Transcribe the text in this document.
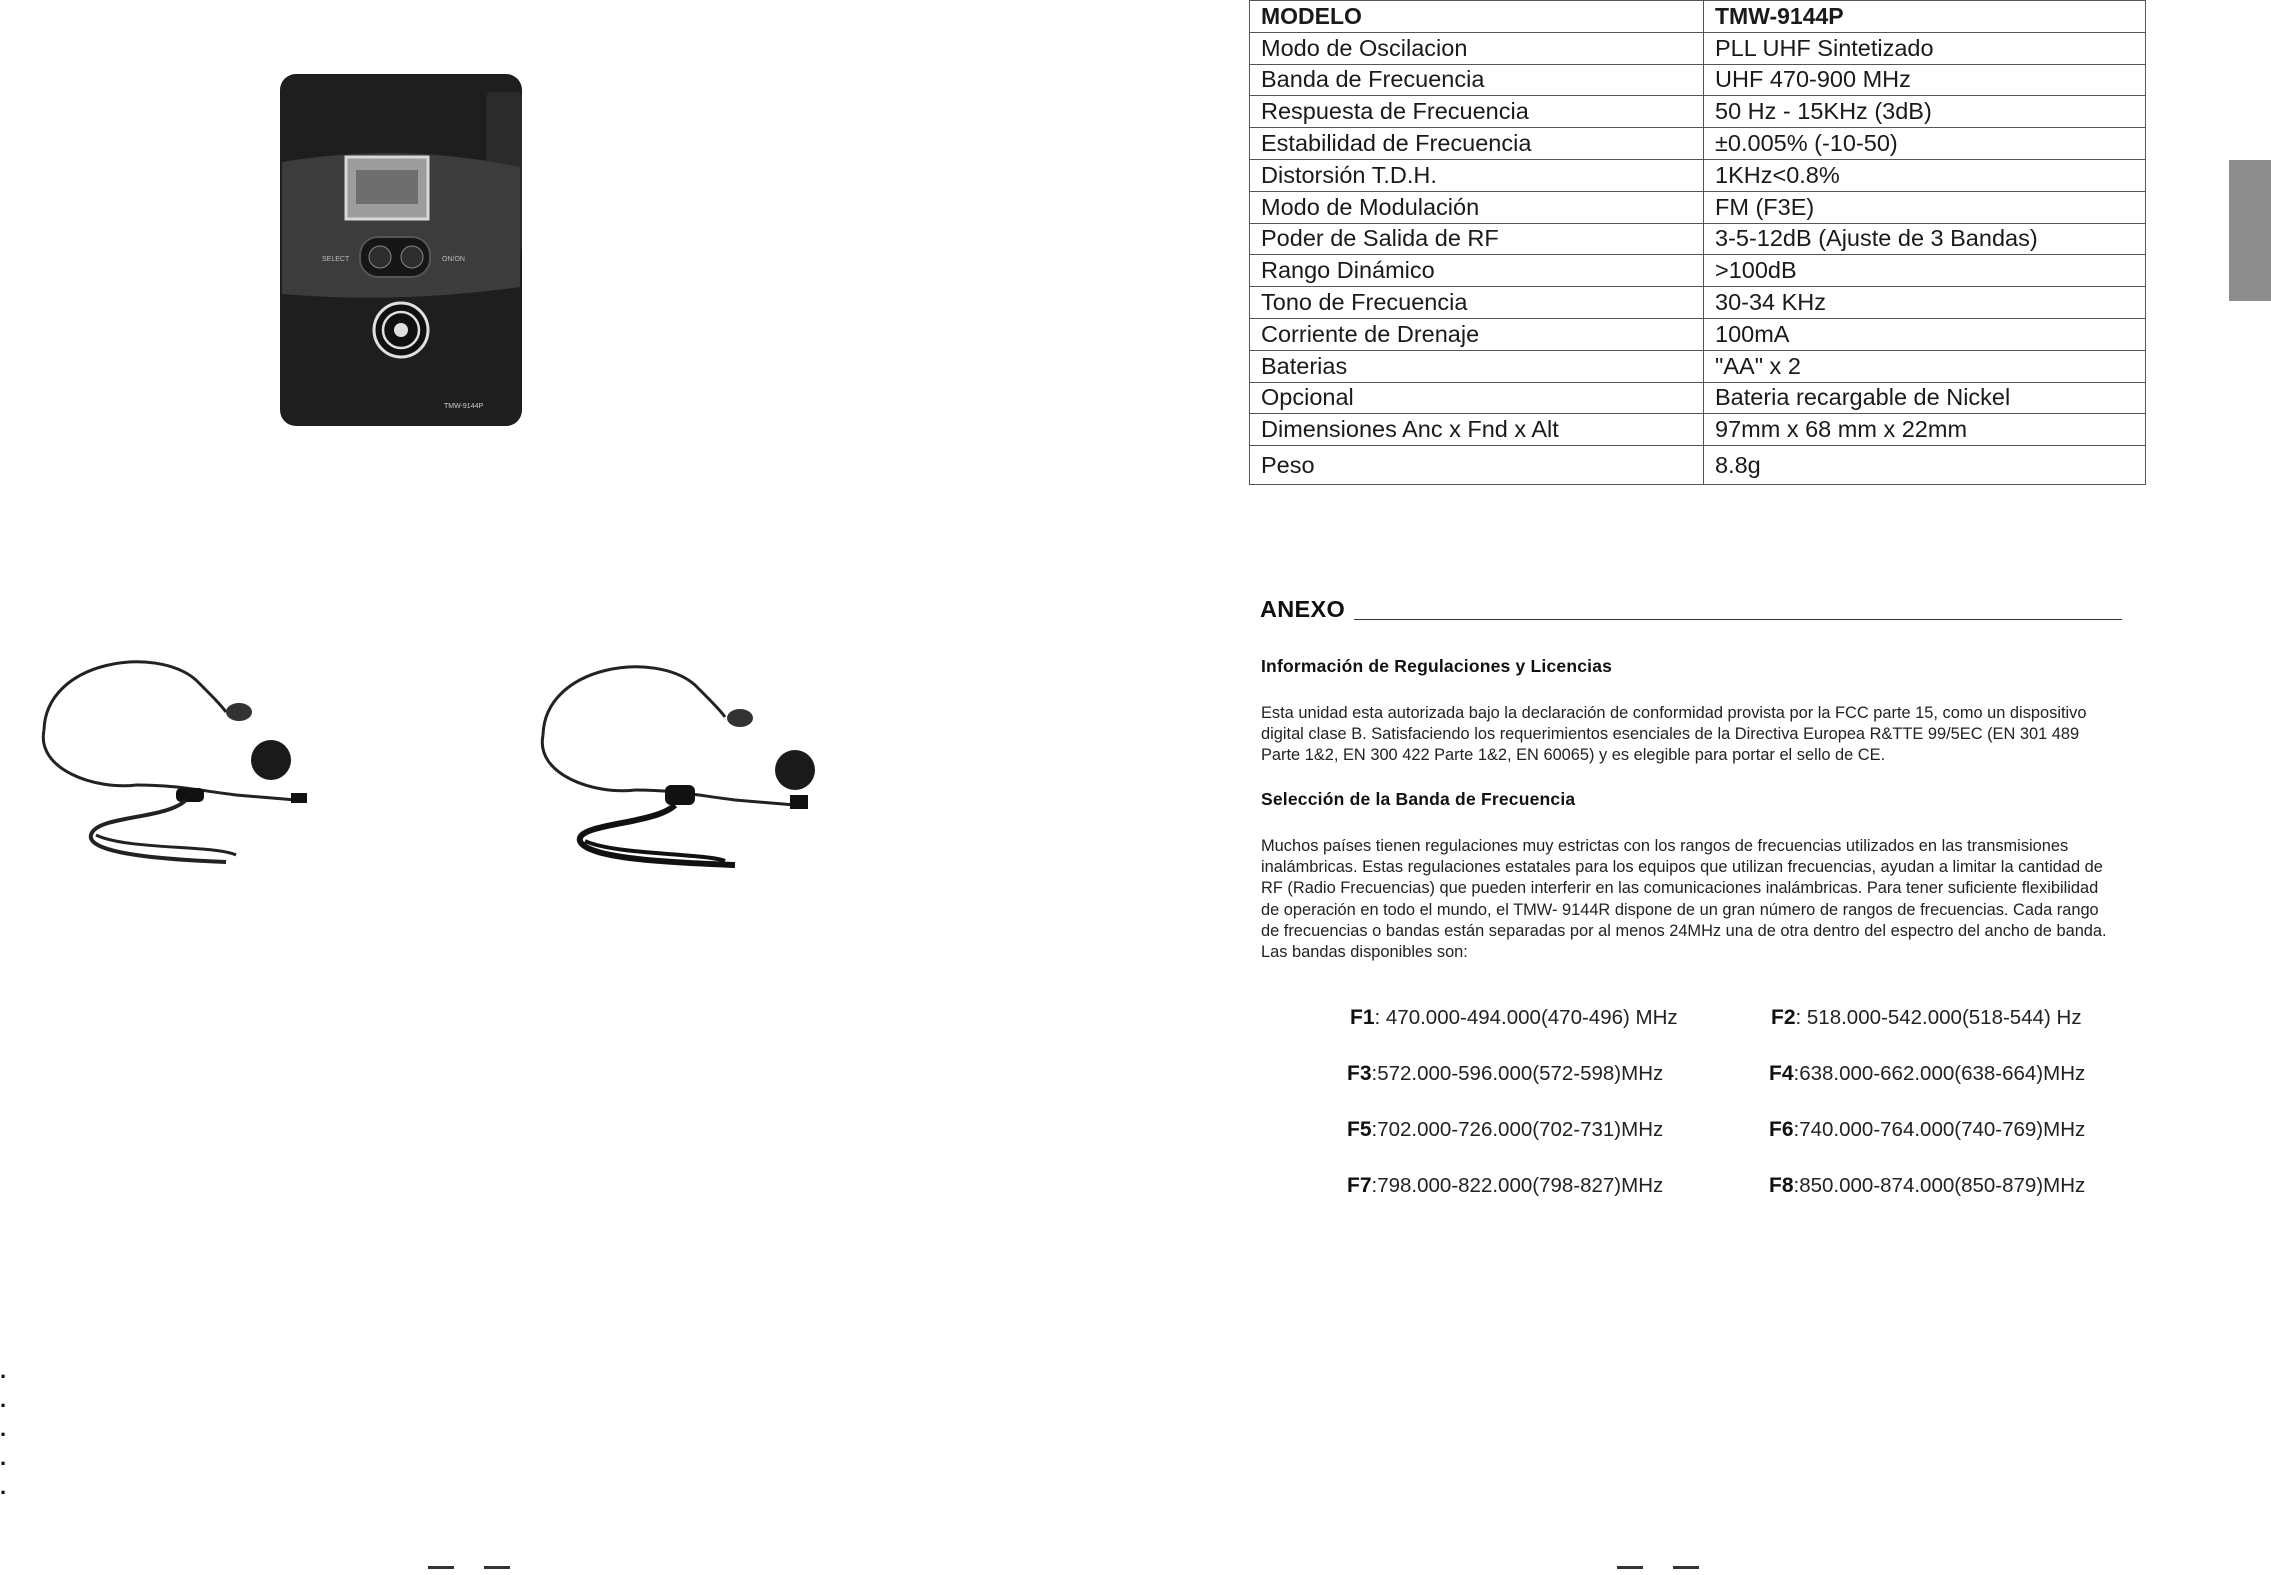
SELECT	ON/ON
TMW-9144P
.
.
.
.
.
MODELO	TMW-9144P
Modo de Oscilacion	PLL UHF Sintetizado
Banda de Frecuencia	UHF 470-900 MHz
Respuesta de Frecuencia	50 Hz - 15KHz (3dB)
Estabilidad de Frecuencia	±0.005% (-10-50)
Distorsión T.D.H.	1KHz<0.8%
Modo de Modulación	FM (F3E)
Poder de Salida de RF	3-5-12dB (Ajuste de 3 Bandas)
Rango Dinámico	>100dB
Tono de Frecuencia	30-34 KHz
Corriente de Drenaje	100mA
Baterias	"AA" x 2
Opcional	Bateria recargable de Nickel
Dimensiones Anc x Fnd x Alt	97mm x 68 mm x 22mm
Peso	8.8g
ANEXO
Información de Regulaciones y Licencias
Esta unidad esta autorizada bajo la declaración de conformidad provista por la FCC parte 15, como un dispositivo
digital clase B. Satisfaciendo los requerimientos esenciales de la Directiva Europea R&TTE 99/5EC (EN 301 489
Parte 1&2, EN 300 422 Parte 1&2, EN 60065) y es elegible para portar el sello de CE.
Selección de la Banda de Frecuencia
Muchos países tienen regulaciones muy estrictas con los rangos de frecuencias utilizados en las transmisiones
inalámbricas. Estas regulaciones estatales para los equipos que utilizan frecuencias, ayudan a limitar la cantidad de
RF (Radio Frecuencias) que pueden interferir en las comunicaciones inalámbricas. Para tener suficiente flexibilidad
de operación en todo el mundo, el TMW- 9144R dispone de un gran número de rangos de frecuencias. Cada rango
de frecuencias o bandas están separadas por al menos 24MHz una de otra dentro del espectro del ancho de banda.
Las bandas disponibles son:
F1: 470.000-494.000(470-496) MHz	F2: 518.000-542.000(518-544) Hz
F3:572.000-596.000(572-598)MHz	F4:638.000-662.000(638-664)MHz
F5:702.000-726.000(702-731)MHz	F6:740.000-764.000(740-769)MHz
F7:798.000-822.000(798-827)MHz	F8:850.000-874.000(850-879)MHz
